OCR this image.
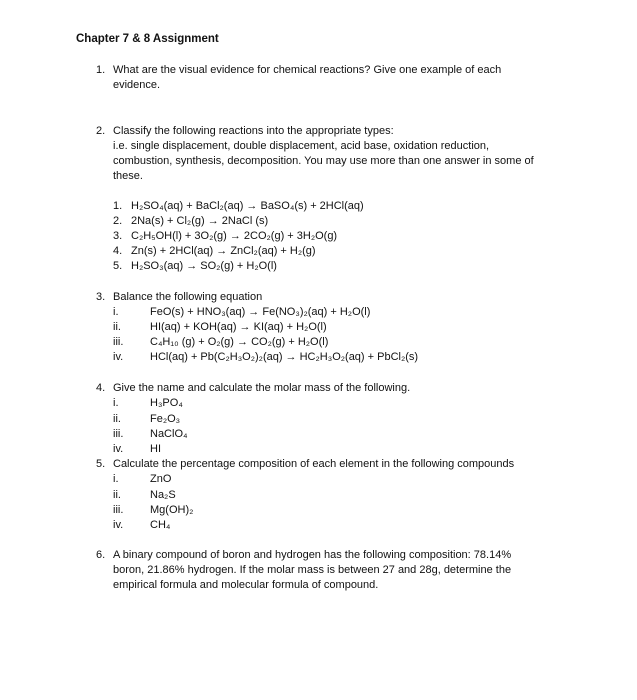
Chapter 7 & 8 Assignment
1. What are the visual evidence for chemical reactions? Give one example of each
evidence.
2. Classify the following reactions into the appropriate types:
i.e. single displacement, double displacement, acid base, oxidation reduction,
combustion, synthesis, decomposition. You may use more than one answer in some of
these.
1. H₂SO₄(aq) + BaCl₂(aq) → BaSO₄(s) + 2HCl(aq)
2. 2Na(s) + Cl₂(g) → 2NaCl (s)
3. C₂H₅OH(l) + 3O₂(g) → 2CO₂(g) + 3H₂O(g)
4. Zn(s) + 2HCl(aq) → ZnCl₂(aq) + H₂(g)
5. H₂SO₃(aq) → SO₂(g) + H₂O(l)
3. Balance the following equation
i.	FeO(s) + HNO₃(aq) → Fe(NO₃)₂(aq) + H₂O(l)
ii.	HI(aq) + KOH(aq) → KI(aq) + H₂O(l)
iii. C₄H₁₀ (g) + O₂(g) → CO₂(g) + H₂O(l)
iv. HCl(aq) + Pb(C₂H₃O₂)₂(aq) → HC₂H₃O₂(aq) + PbCl₂(s)
4. Give the name and calculate the molar mass of the following.
i.	H₃PO₄
ii.	Fe₂O₃
iii. NaClO₄
iv. HI
5. Calculate the percentage composition of each element in the following compounds
i.	ZnO
ii.	Na₂S
iii. Mg(OH)₂
iv. CH₄
6. A binary compound of boron and hydrogen has the following composition: 78.14%
boron, 21.86% hydrogen. If the molar mass is between 27 and 28g, determine the
empirical formula and molecular formula of compound.
